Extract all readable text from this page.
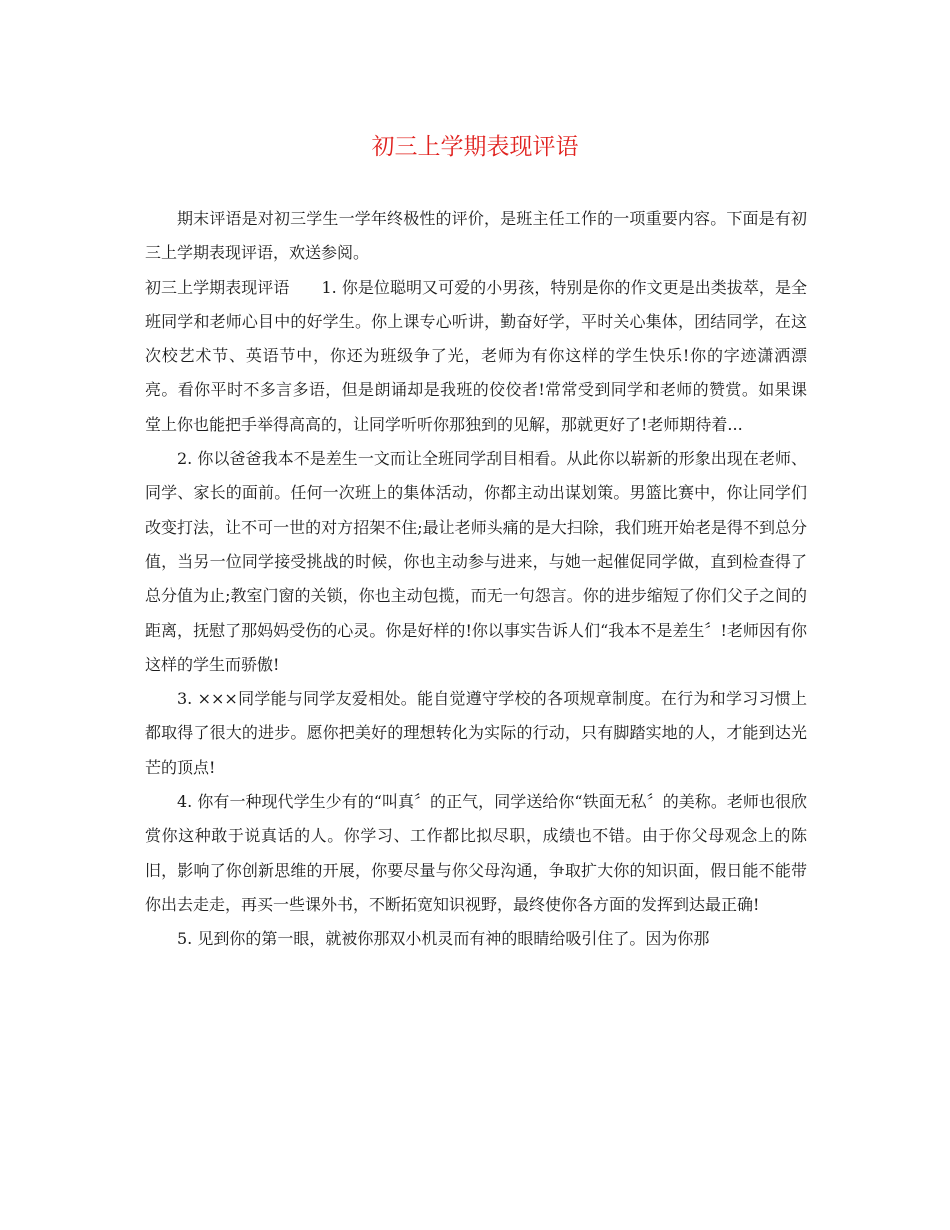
初三上学期表现评语

期末评语是对初三学生一学年终极性的评价，是班主任工作的一项重要内容。下面是有初三上学期表现评语，欢送参阅。

初三上学期表现评语　　1. 你是位聪明又可爱的小男孩，特别是你的作文更是出类拔萃，是全班同学和老师心目中的好学生。你上课专心听讲，勤奋好学，平时关心集体，团结同学，在这次校艺术节、英语节中，你还为班级争了光，老师为有你这样的学生快乐!你的字迹潇洒漂亮。看你平时不多言多语，但是朗诵却是我班的佼佼者!常常受到同学和老师的赞赏。如果课堂上你也能把手举得高高的，让同学听听你那独到的见解，那就更好了!老师期待着...

2. 你以爸爸我本不是差生一文而让全班同学刮目相看。从此你以崭新的形象出现在老师、同学、家长的面前。任何一次班上的集体活动，你都主动出谋划策。男篮比赛中，你让同学们改变打法，让不可一世的对方招架不住;最让老师头痛的是大扫除，我们班开始老是得不到总分值，当另一位同学接受挑战的时候，你也主动参与进来，与她一起催促同学做，直到检查得了总分值为止;教室门窗的关锁，你也主动包揽，而无一句怨言。你的进步缩短了你们父子之间的距离，抚慰了那妈妈受伤的心灵。你是好样的!你以事实告诉人们“我本不是差生〞!老师因有你这样的学生而骄傲!

3. ×××同学能与同学友爱相处。能自觉遵守学校的各项规章制度。在行为和学习习惯上都取得了很大的进步。愿你把美好的理想转化为实际的行动，只有脚踏实地的人，才能到达光芒的顶点!

4. 你有一种现代学生少有的“叫真〞的正气，同学送给你“铁面无私〞的美称。老师也很欣赏你这种敢于说真话的人。你学习、工作都比拟尽职，成绩也不错。由于你父母观念上的陈旧，影响了你创新思维的开展，你要尽量与你父母沟通，争取扩大你的知识面，假日能不能带你出去走走，再买一些课外书，不断拓宽知识视野，最终使你各方面的发挥到达最正确!

5. 见到你的第一眼，就被你那双小机灵而有神的眼睛给吸引住了。因为你那
